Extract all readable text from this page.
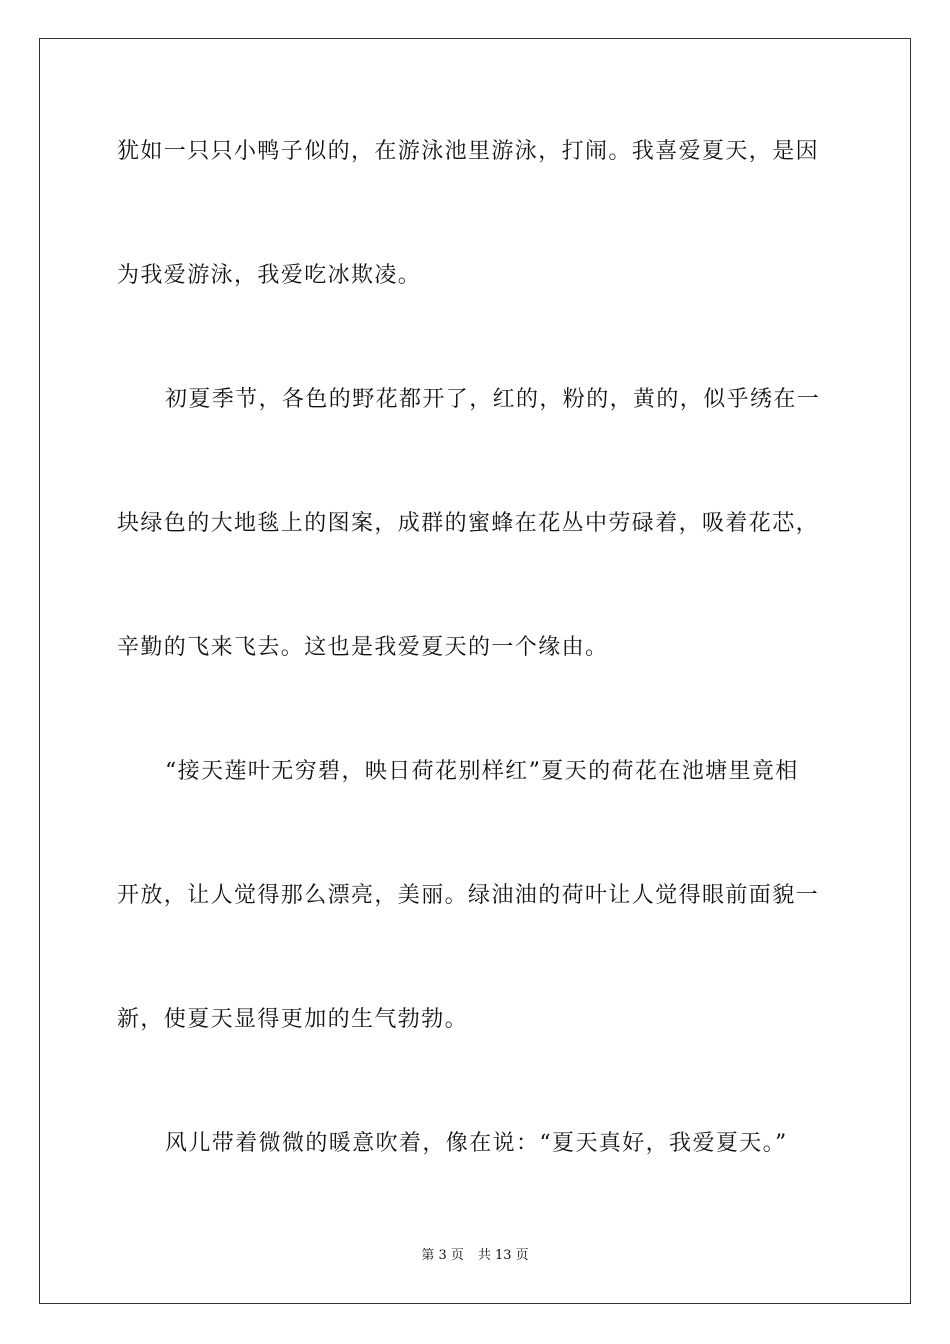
犹如一只只小鸭子似的，在游泳池里游泳，打闹。我喜爱夏天，是因
为我爱游泳，我爱吃冰欺凌。
初夏季节，各色的野花都开了，红的，粉的，黄的，似乎绣在一
块绿色的大地毯上的图案，成群的蜜蜂在花丛中劳碌着，吸着花芯，
辛勤的飞来飞去。这也是我爱夏天的一个缘由。
“接天莲叶无穷碧，映日荷花别样红”夏天的荷花在池塘里竟相
开放，让人觉得那么漂亮，美丽。绿油油的荷叶让人觉得眼前面貌一
新，使夏天显得更加的生气勃勃。
风儿带着微微的暖意吹着，像在说：“夏天真好，我爱夏天。”
第 3 页 共 13 页
